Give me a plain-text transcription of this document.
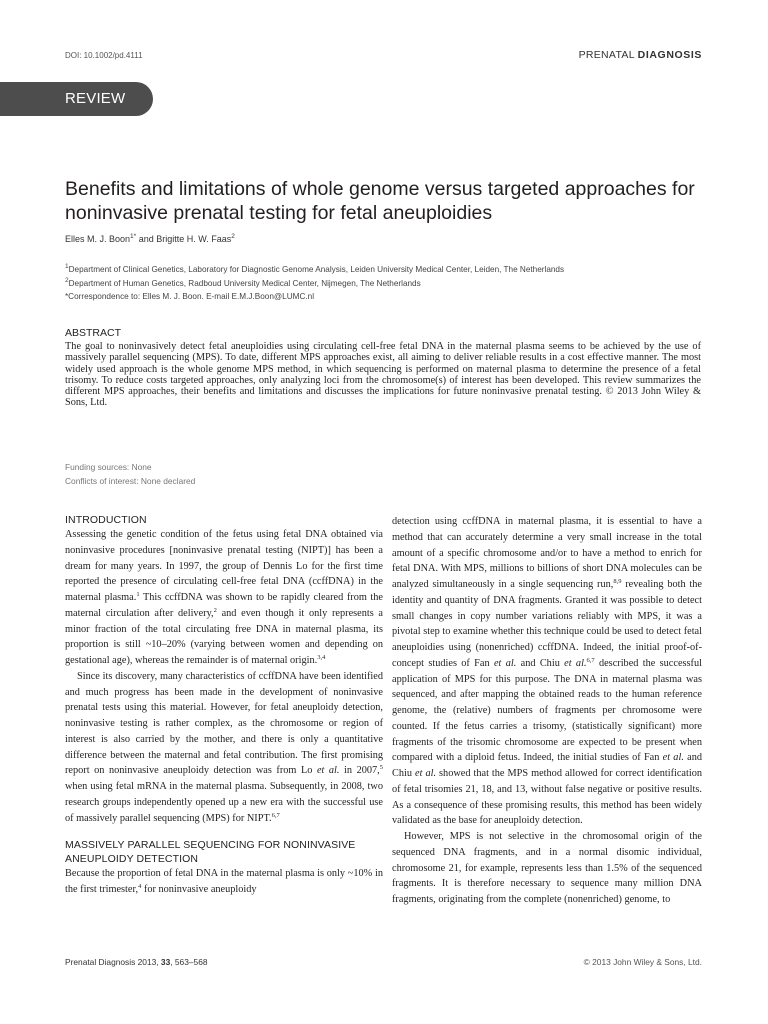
DOI: 10.1002/pd.4111	PRENATAL DIAGNOSIS
REVIEW
Benefits and limitations of whole genome versus targeted approaches for noninvasive prenatal testing for fetal aneuploidies
Elles M. J. Boon$^{1*}$ and Brigitte H. W. Faas$^2$
$^1$Department of Clinical Genetics, Laboratory for Diagnostic Genome Analysis, Leiden University Medical Center, Leiden, The Netherlands
$^2$Department of Human Genetics, Radboud University Medical Center, Nijmegen, The Netherlands
*Correspondence to: Elles M. J. Boon. E-mail E.M.J.Boon@LUMC.nl
ABSTRACT
The goal to noninvasively detect fetal aneuploidies using circulating cell-free fetal DNA in the maternal plasma seems to be achieved by the use of massively parallel sequencing (MPS). To date, different MPS approaches exist, all aiming to deliver reliable results in a cost effective manner. The most widely used approach is the whole genome MPS method, in which sequencing is performed on maternal plasma to determine the presence of a fetal trisomy. To reduce costs targeted approaches, only analyzing loci from the chromosome(s) of interest has been developed. This review summarizes the different MPS approaches, their benefits and limitations and discusses the implications for future noninvasive prenatal testing. © 2013 John Wiley & Sons, Ltd.
Funding sources: None
Conflicts of interest: None declared
INTRODUCTION

Assessing the genetic condition of the fetus using fetal DNA obtained via noninvasive procedures [noninvasive prenatal testing (NIPT)] has been a dream for many years. In 1997, the group of Dennis Lo for the first time reported the presence of circulating cell-free fetal DNA (ccffDNA) in the maternal plasma.$^1$ This ccffDNA was shown to be rapidly cleared from the maternal circulation after delivery,$^2$ and even though it only represents a minor fraction of the total circulating free DNA in maternal plasma, its proportion is still ~10–20% (varying between women and depending on gestational age), whereas the remainder is of maternal origin.$^{3,4}$

Since its discovery, many characteristics of ccffDNA have been identified and much progress has been made in the development of noninvasive prenatal tests using this material. However, for fetal aneuploidy detection, noninvasive testing is rather complex, as the chromosome or region of interest is also carried by the mother, and there is only a quantitative difference between the maternal and fetal contribution. The first promising report on noninvasive aneuploidy detection was from Lo et al. in 2007,$^5$ when using fetal mRNA in the maternal plasma. Subsequently, in 2008, two research groups independently opened up a new era with the successful use of massively parallel sequencing (MPS) for NIPT.$^{6,7}$

MASSIVELY PARALLEL SEQUENCING FOR NONINVASIVE ANEUPLOIDY DETECTION

Because the proportion of fetal DNA in the maternal plasma is only ~10% in the first trimester,$^4$ for noninvasive aneuploidy

detection using ccffDNA in maternal plasma, it is essential to have a method that can accurately determine a very small increase in the total amount of a specific chromosome and/or to have a method to enrich for fetal DNA. With MPS, millions to billions of short DNA molecules can be analyzed simultaneously in a single sequencing run,$^{8,9}$ revealing both the identity and quantity of DNA fragments. Granted it was possible to detect small changes in copy number variations reliably with MPS, it was a pivotal step to examine whether this technique could be used to detect fetal aneuploidies using (nonenriched) ccffDNA. Indeed, the initial proof-of-concept studies of Fan et al. and Chiu et al.$^{6,7}$ described the successful application of MPS for this purpose. The DNA in maternal plasma was sequenced, and after mapping the obtained reads to the human reference genome, the (relative) numbers of fragments per chromosome were counted. If the fetus carries a trisomy, (statistically significant) more fragments of the trisomic chromosome are expected to be present when compared with a diploid fetus. Indeed, the initial studies of Fan et al. and Chiu et al. showed that the MPS method allowed for correct identification of fetal trisomies 21, 18, and 13, without false negative or positive results. As a consequence of these promising results, this method has been widely validated as the base for aneuploidy detection.

However, MPS is not selective in the chromosomal origin of the sequenced DNA fragments, and in a normal disomic individual, chromosome 21, for example, represents less than 1.5% of the sequenced fragments. It is therefore necessary to sequence many million DNA fragments, originating from the complete (nonenriched) genome, to

Prenatal Diagnosis 2013, 33, 563–568	© 2013 John Wiley & Sons, Ltd.
